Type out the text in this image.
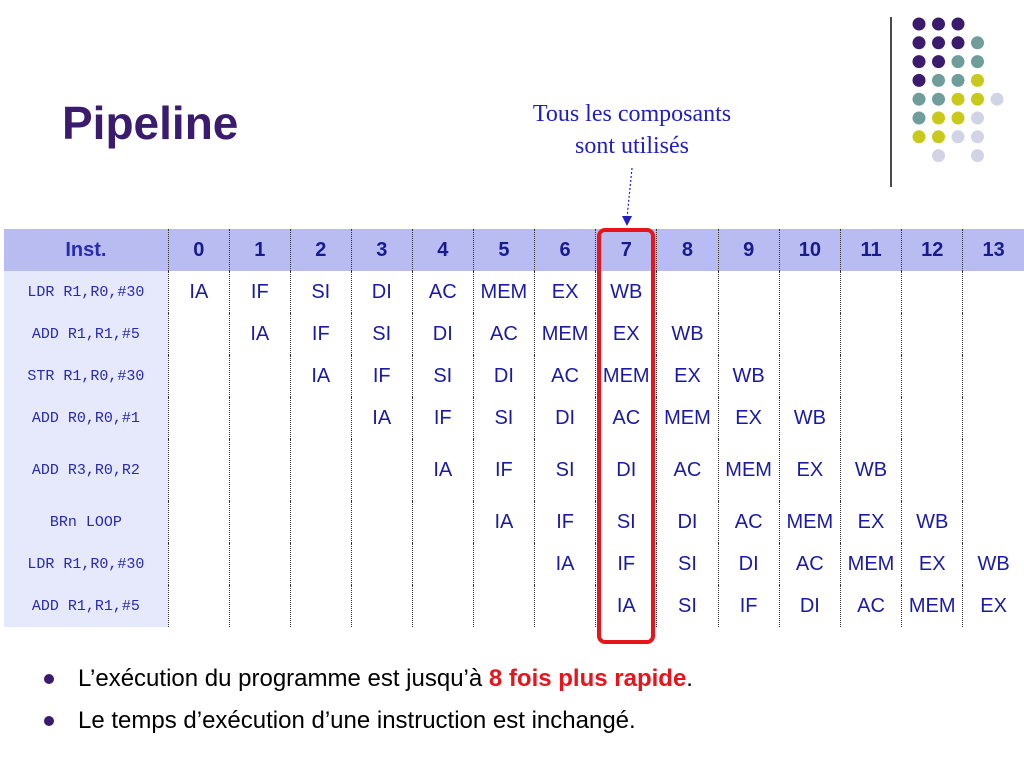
Pipeline	Tous les composants
sont utilisés
Inst.	0	1	2	3	4	5	6	7	8	9	10	11	12	13
LDR R1,R0,#30	IA	IF	SI	DI	AC	MEM	EX	WB						
ADD R1,R1,#5		IA	IF	SI	DI	AC	MEM	EX	WB					
STR R1,R0,#30			IA	IF	SI	DI	AC	MEM	EX	WB				
ADD R0,R0,#1				IA	IF	SI	DI	AC	MEM	EX	WB			
ADD R3,R0,R2					IA	IF	SI	DI	AC	MEM	EX	WB		
BRn LOOP						IA	IF	SI	DI	AC	MEM	EX	WB	
LDR R1,R0,#30							IA	IF	SI	DI	AC	MEM	EX	WB
ADD R1,R1,#5								IA	SI	IF	DI	AC	MEM	EX
L’exécution du programme est jusqu’à 8 fois plus rapide.
Le temps d’exécution d’une instruction est inchangé.
